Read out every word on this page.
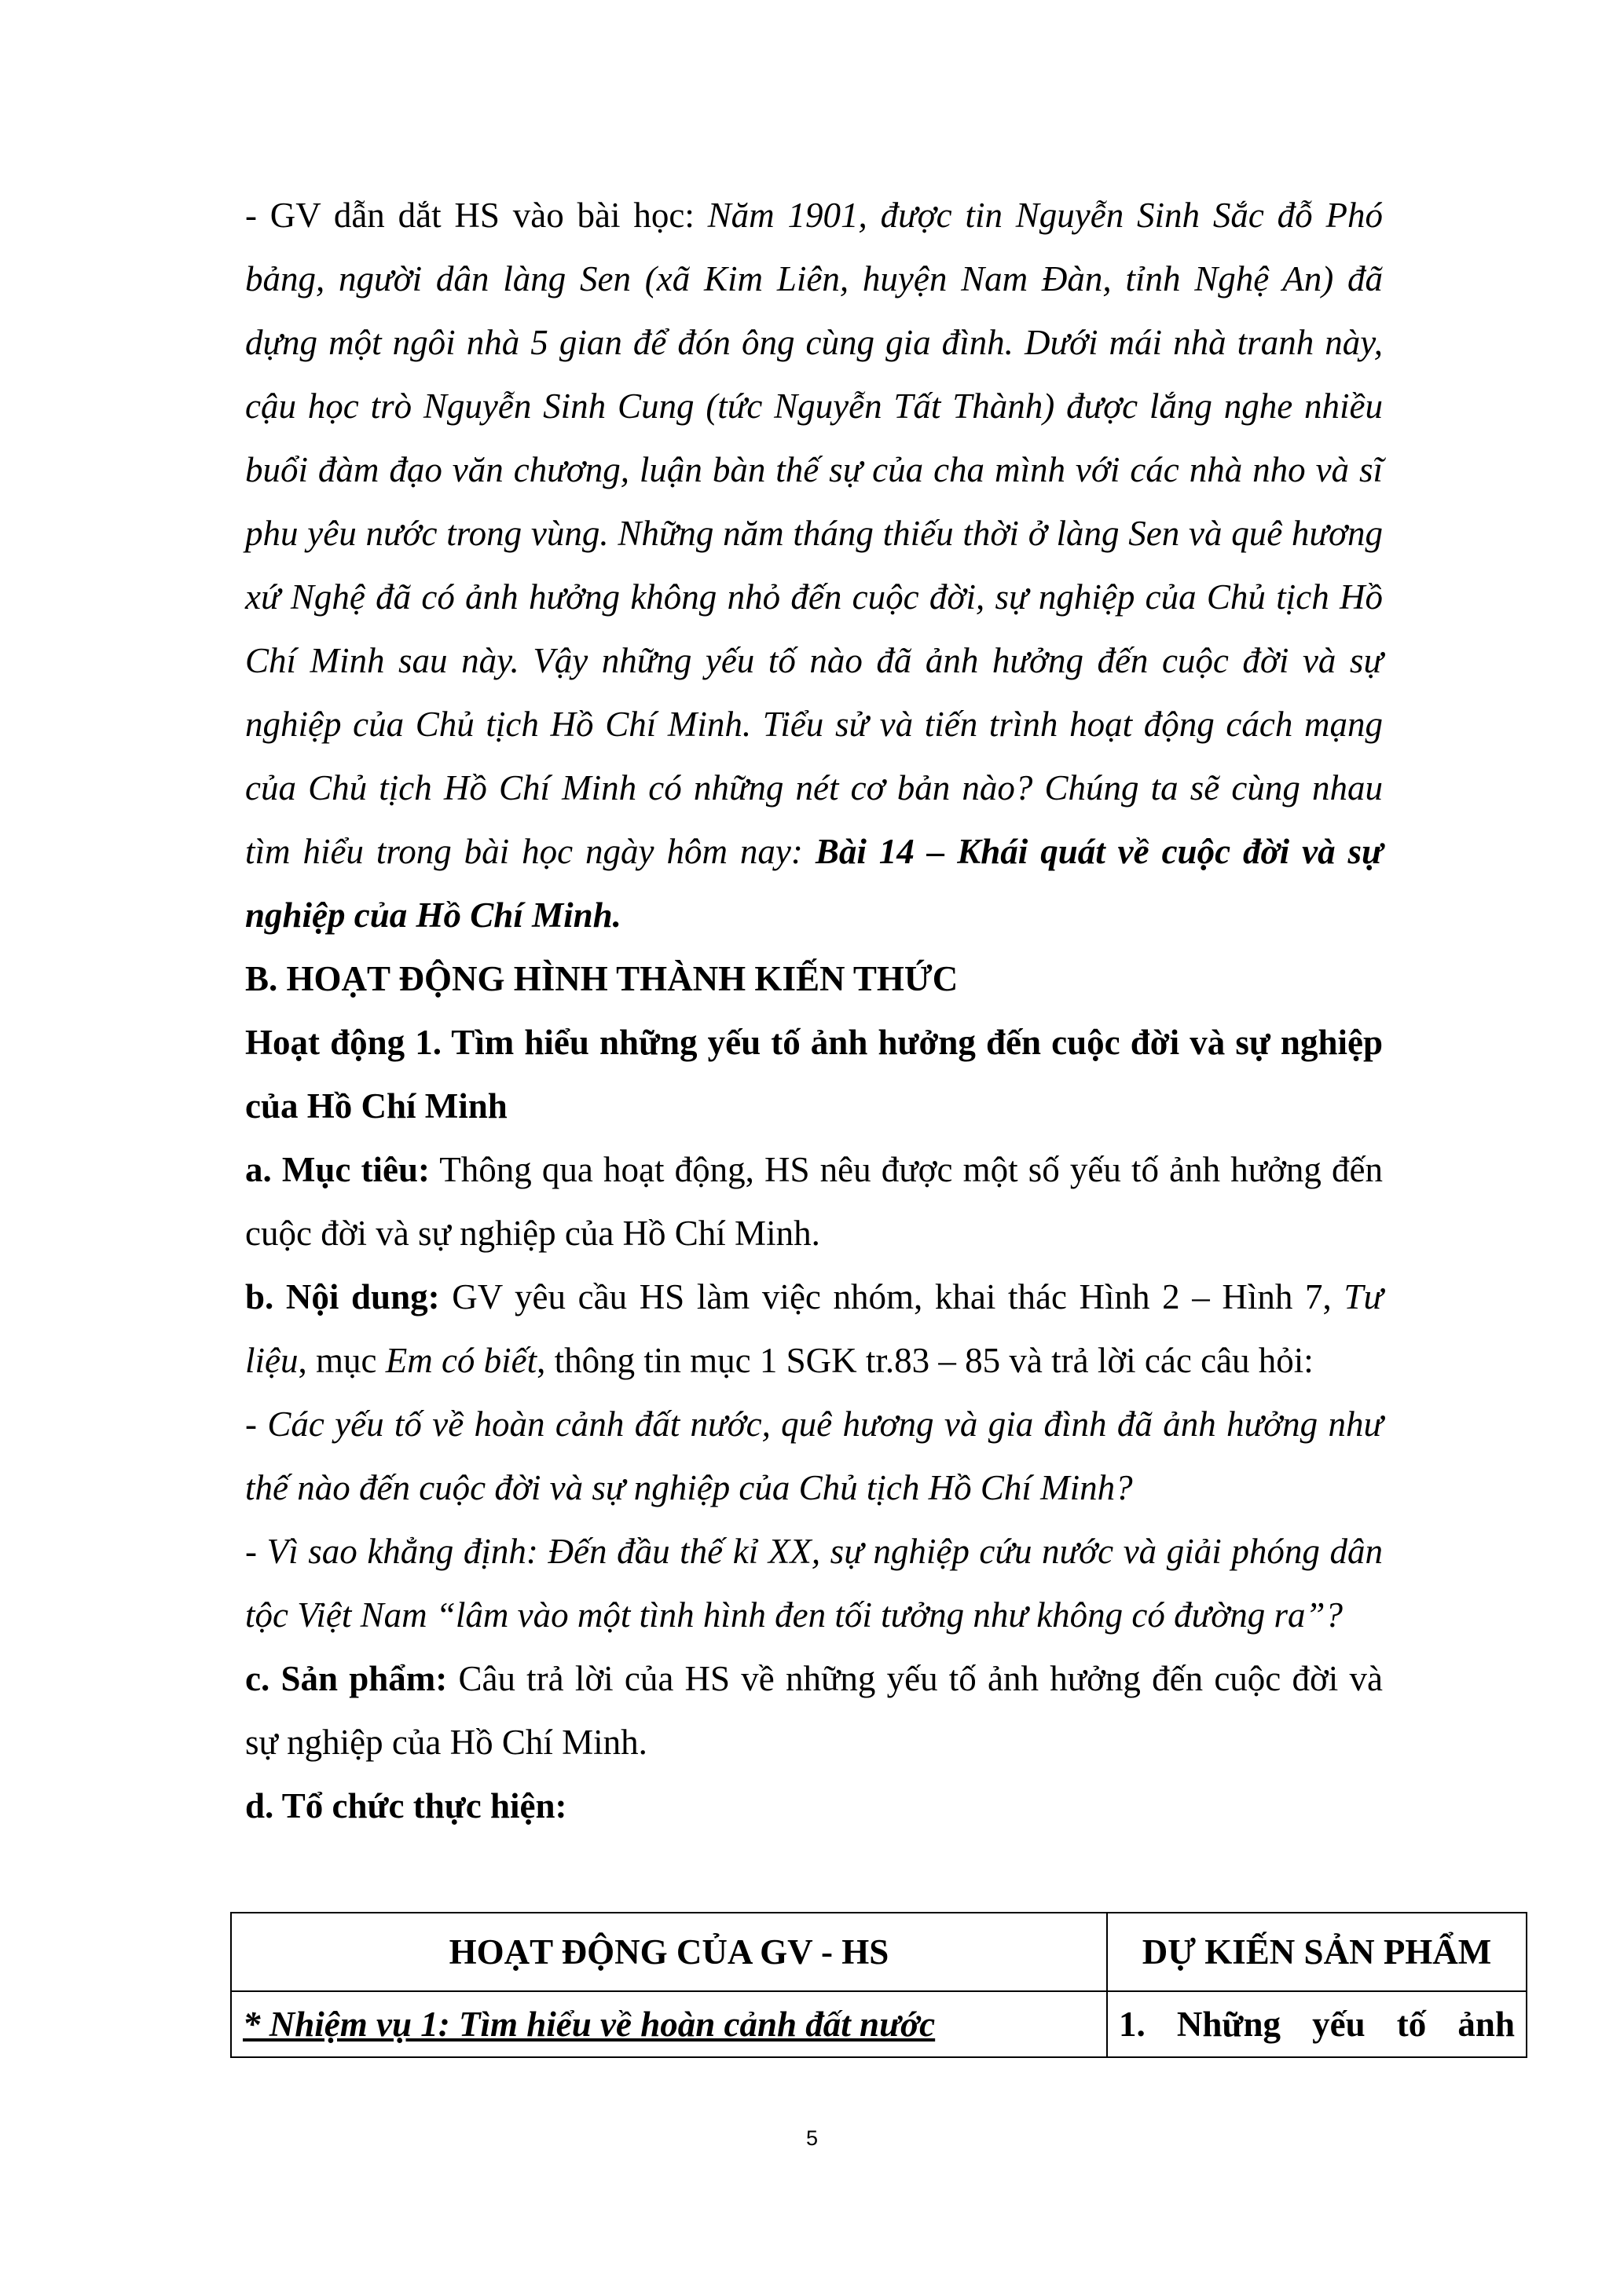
- GV dẫn dắt HS vào bài học: Năm 1901, được tin Nguyễn Sinh Sắc đỗ Phó bảng, người dân làng Sen (xã Kim Liên, huyện Nam Đàn, tỉnh Nghệ An) đã dựng một ngôi nhà 5 gian để đón ông cùng gia đình. Dưới mái nhà tranh này, cậu học trò Nguyễn Sinh Cung (tức Nguyễn Tất Thành) được lắng nghe nhiều buổi đàm đạo văn chương, luận bàn thế sự của cha mình với các nhà nho và sĩ phu yêu nước trong vùng. Những năm tháng thiếu thời ở làng Sen và quê hương xứ Nghệ đã có ảnh hưởng không nhỏ đến cuộc đời, sự nghiệp của Chủ tịch Hồ Chí Minh sau này. Vậy những yếu tố nào đã ảnh hưởng đến cuộc đời và sự nghiệp của Chủ tịch Hồ Chí Minh. Tiểu sử và tiến trình hoạt động cách mạng của Chủ tịch Hồ Chí Minh có những nét cơ bản nào? Chúng ta sẽ cùng nhau tìm hiểu trong bài học ngày hôm nay: Bài 14 – Khái quát về cuộc đời và sự nghiệp của Hồ Chí Minh.

B. HOẠT ĐỘNG HÌNH THÀNH KIẾN THỨC

Hoạt động 1. Tìm hiểu những yếu tố ảnh hưởng đến cuộc đời và sự nghiệp của Hồ Chí Minh

a. Mục tiêu: Thông qua hoạt động, HS nêu được một số yếu tố ảnh hưởng đến cuộc đời và sự nghiệp của Hồ Chí Minh.

b. Nội dung: GV yêu cầu HS làm việc nhóm, khai thác Hình 2 – Hình 7, Tư liệu, mục Em có biết, thông tin mục 1 SGK tr.83 – 85 và trả lời các câu hỏi:

- Các yếu tố về hoàn cảnh đất nước, quê hương và gia đình đã ảnh hưởng như thế nào đến cuộc đời và sự nghiệp của Chủ tịch Hồ Chí Minh?

- Vì sao khẳng định: Đến đầu thế kỉ XX, sự nghiệp cứu nước và giải phóng dân tộc Việt Nam “lâm vào một tình hình đen tối tưởng như không có đường ra”?

c. Sản phẩm: Câu trả lời của HS về những yếu tố ảnh hưởng đến cuộc đời và sự nghiệp của Hồ Chí Minh.

d. Tổ chức thực hiện:

HOẠT ĐỘNG CỦA GV - HS	DỰ KIẾN SẢN PHẨM
* Nhiệm vụ 1: Tìm hiểu về hoàn cảnh đất nước	1. Những yếu tố ảnh
5
